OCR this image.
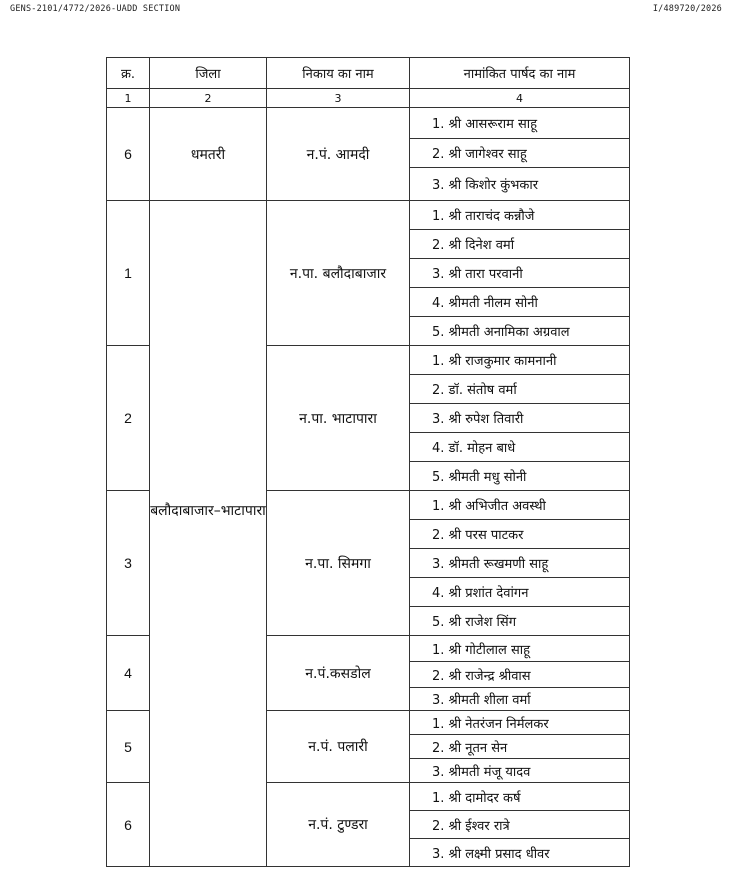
GENS-2101/4772/2026-UADD SECTION	I/489720/2026
क्र.	जिला	निकाय का नाम	नामांकित पार्षद का नाम
1	2	3	4
6	धमतरी	न.पं. आमदी	1. श्री आसरूराम साहू
			2. श्री जागेश्वर साहू
			3. श्री किशोर कुंभकार
1	बलौदाबाजार–भाटापारा	न.पा. बलौदाबाजार	1. श्री ताराचंद कन्नौजे
			2. श्री दिनेश वर्मा
			3. श्री तारा परवानी
			4. श्रीमती नीलम सोनी
			5. श्रीमती अनामिका अग्रवाल
2		न.पा. भाटापारा	1. श्री राजकुमार कामनानी
			2. डॉ. संतोष वर्मा
			3. श्री रुपेश तिवारी
			4. डॉ. मोहन बाधे
			5. श्रीमती मधु सोनी
3		न.पा. सिमगा	1. श्री अभिजीत अवस्थी
			2. श्री परस पाटकर
			3. श्रीमती रूखमणी साहू
			4. श्री प्रशांत देवांगन
			5. श्री राजेश सिंग
4		न.पं.कसडोल	1. श्री गोटीलाल साहू
			2. श्री राजेन्द्र श्रीवास
			3. श्रीमती शीला वर्मा
5		न.पं. पलारी	1. श्री नेतरंजन निर्मलकर
			2. श्री नूतन सेन
			3. श्रीमती मंजू यादव
6		न.पं. टुण्डरा	1. श्री दामोदर कर्ष
			2. श्री ईश्वर रात्रे
			3. श्री लक्ष्मी प्रसाद धीवर
